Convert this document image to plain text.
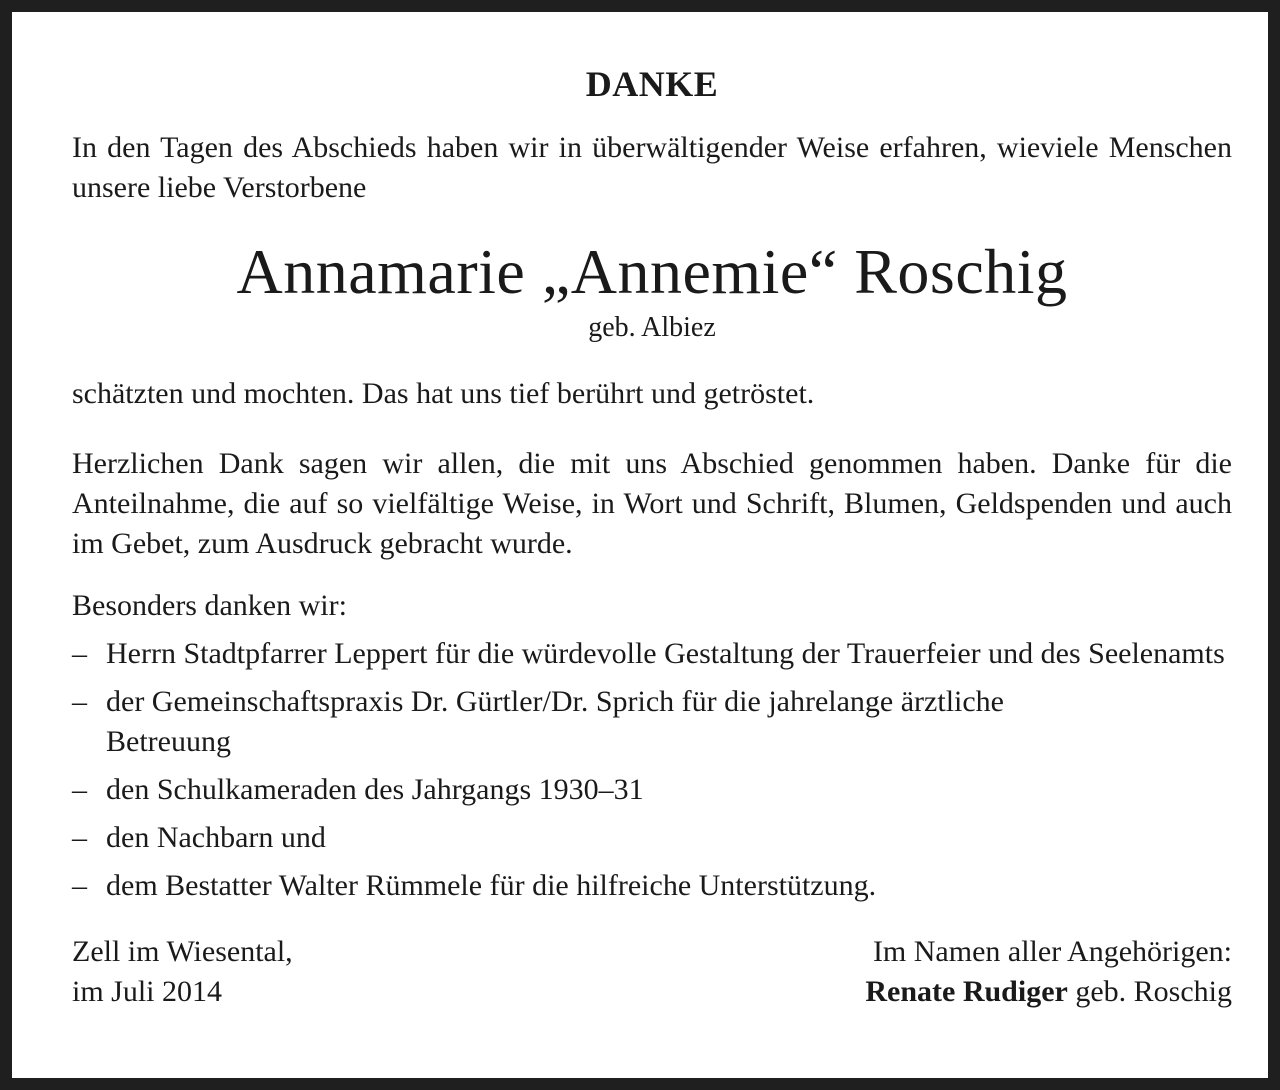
DANKE

In den Tagen des Abschieds haben wir in überwältigender Weise erfahren, wieviele Menschen unsere liebe Verstorbene

Annamarie „Annemie“ Roschig
geb. Albiez

schätzten und mochten. Das hat uns tief berührt und getröstet.

Herzlichen Dank sagen wir allen, die mit uns Abschied genommen haben. Danke für die Anteilnahme, die auf so vielfältige Weise, in Wort und Schrift, Blumen, Geldspenden und auch im Gebet, zum Ausdruck gebracht wurde.

Besonders danken wir:

– Herrn Stadtpfarrer Leppert für die würdevolle Gestaltung der Trauerfeier und des Seelenamts
– der Gemeinschaftspraxis Dr. Gürtler/Dr. Sprich für die jahrelange ärztliche Betreuung
– den Schulkameraden des Jahrgangs 1930–31
– den Nachbarn und
– dem Bestatter Walter Rümmele für die hilfreiche Unterstützung.
Zell im Wiesental,
im Juli 2014
Im Namen aller Angehörigen:
Renate Rudiger geb. Roschig
